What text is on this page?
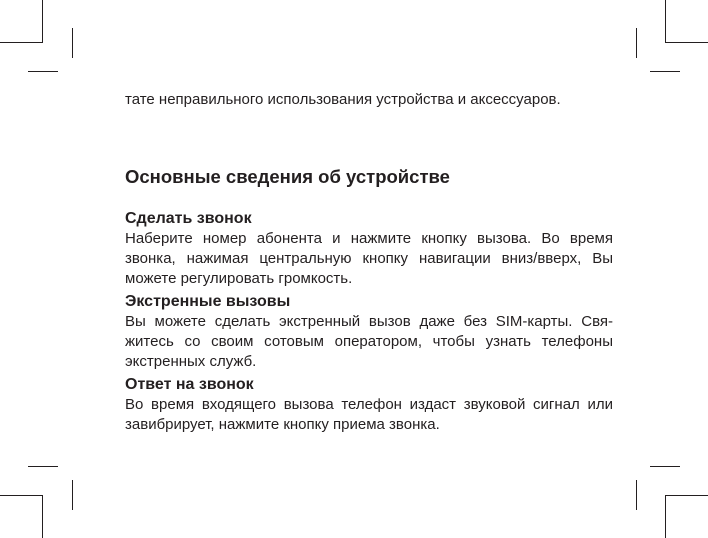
тате неправильного использования устройства и аксессуаров.

Основные сведения об устройстве
Сделать звонок

Наберите номер абонента и нажмите кнопку вызова. Во время звонка, нажимая центральную кнопку навигации вниз/вверх, Вы можете регулировать громкость.

Экстренные вызовы

Вы можете сделать экстренный вызов даже без SIM-карты. Свя-житесь со своим сотовым оператором, чтобы узнать телефоны экстренных служб.

Ответ на звонок

Во время входящего вызова телефон издаст звуковой сигнал или завибрирует, нажмите кнопку приема звонка.
